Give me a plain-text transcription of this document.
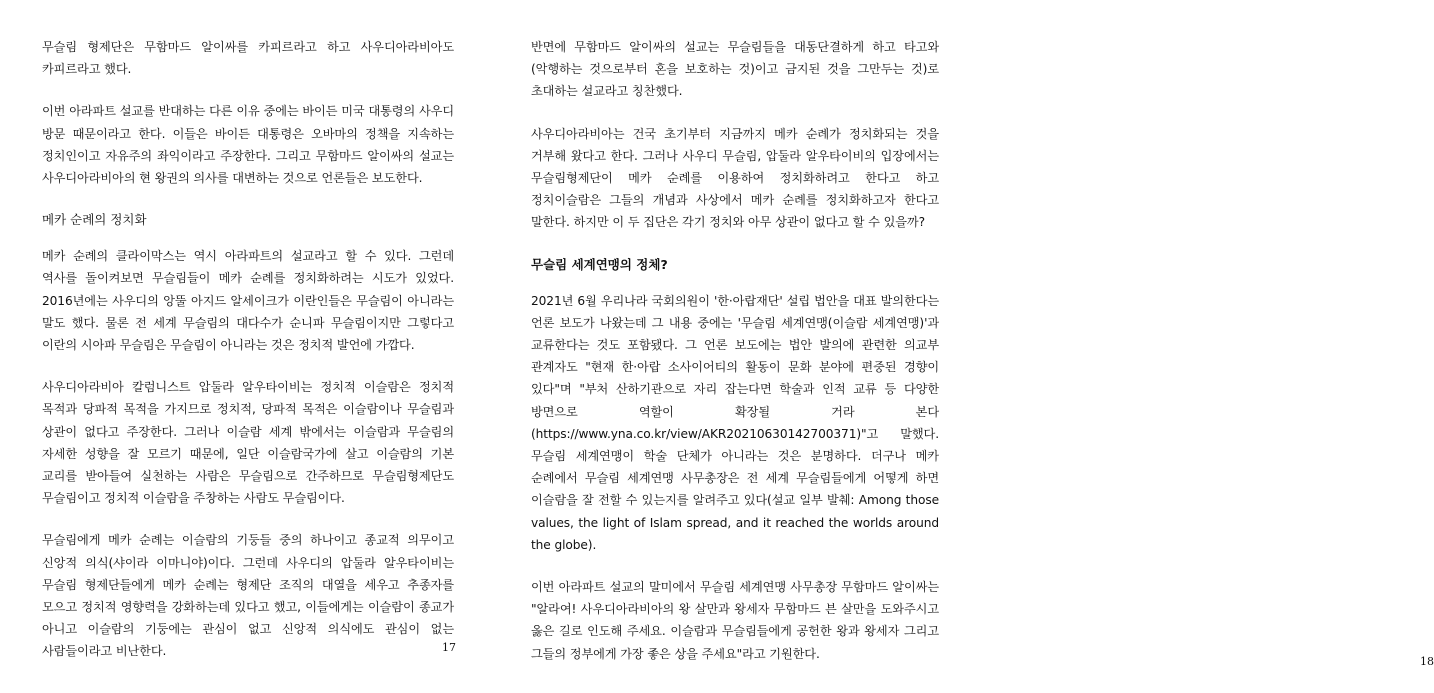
무슬림 형제단은 무함마드 알이싸를 카피르라고 하고 사우디아라비아도 카피르라고 했다.

이번 아라파트 설교를 반대하는 다른 이유 중에는 바이든 미국 대통령의 사우디 방문 때문이라고 한다. 이들은 바이든 대통령은 오바마의 정책을 지속하는 정치인이고 자유주의 좌익이라고 주장한다. 그리고 무함마드 알이싸의 설교는 사우디아라비아의 현 왕권의 의사를 대변하는 것으로 언론들은 보도한다.

메카 순례의 정치화

메카 순례의 클라이막스는 역시 아라파트의 설교라고 할 수 있다. 그런데 역사를 돌이켜보면 무슬림들이 메카 순례를 정치화하려는 시도가 있었다. 2016년에는 사우디의 앙뚤 아지드 알세이크가 이란인들은 무슬림이 아니라는 말도 했다. 물론 전 세계 무슬림의 대다수가 순니파 무슬림이지만 그렇다고 이란의 시아파 무슬림은 무슬림이 아니라는 것은 정치적 발언에 가깝다.

사우디아라비아 칼럼니스트 압둘라 알우타이비는 정치적 이슬람은 정치적 목적과 당파적 목적을 가지므로 정치적, 당파적 목적은 이슬람이나 무슬림과 상관이 없다고 주장한다. 그러나 이슬람 세계 밖에서는 이슬람과 무슬림의 자세한 성향을 잘 모르기 때문에, 일단 이슬람국가에 살고 이슬람의 기본 교리를 받아들여 실천하는 사람은 무슬림으로 간주하므로 무슬림형제단도 무슬림이고 정치적 이슬람을 주창하는 사람도 무슬림이다.

무슬림에게 메카 순례는 이슬람의 기둥들 중의 하나이고 종교적 의무이고 신앙적 의식(샤이라 이마니야)이다. 그런데 사우디의 압둘라 알우타이비는 무슬림 형제단들에게 메카 순례는 형제단 조직의 대열을 세우고 추종자를 모으고 정치적 영향력을 강화하는데 있다고 했고, 이들에게는 이슬람이 종교가 아니고 이슬람의 기둥에는 관심이 없고 신앙적 의식에도 관심이 없는 사람들이라고 비난한다.	17

반면에 무함마드 알이싸의 설교는 무슬림들을 대동단결하게 하고 타고와(악행하는 것으로부터 혼을 보호하는 것)이고 금지된 것을 그만두는 것)로 초대하는 설교라고 칭찬했다.

사우디아라비아는 건국 초기부터 지금까지 메카 순례가 정치화되는 것을 거부해 왔다고 한다. 그러나 사우디 무슬림, 압둘라 알우타이비의 입장에서는 무슬림형제단이 메카 순례를 이용하여 정치화하려고 한다고 하고 정치이슬람은 그들의 개념과 사상에서 메카 순례를 정치화하고자 한다고 말한다. 하지만 이 두 집단은 각기 정치와 아무 상관이 없다고 할 수 있을까?

무슬림 세계연맹의 정체?

2021년 6월 우리나라 국회의원이 '한·아랍재단' 설립 법안을 대표 발의한다는 언론 보도가 나왔는데 그 내용 중에는 '무슬림 세계연맹(이슬람 세계연맹)'과 교류한다는 것도 포함됐다. 그 언론 보도에는 법안 발의에 관련한 의교부 관계자도 "현재 한·아랍 소사이어티의 활동이 문화 분야에 편중된 경향이 있다"며 "부처 산하기관으로 자리 잡는다면 학술과 인적 교류 등 다양한 방면으로 역할이 확장될 거라 본다 (https://www.yna.co.kr/view/AKR20210630142700371)"고 말했다. 무슬림 세계연맹이 학술 단체가 아니라는 것은 분명하다. 더구나 메카 순례에서 무슬림 세계연맹 사무총장은 전 세계 무슬림들에게 어떻게 하면 이슬람을 잘 전할 수 있는지를 알려주고 있다(설교 일부 발췌: Among those values, the light of Islam spread, and it reached the worlds around the globe).

이번 아라파트 설교의 말미에서 무슬림 세계연맹 사무총장 무함마드 알이싸는 "알라여! 사우디아라비아의 왕 살만과 왕세자 무함마드 븐 살만을 도와주시고 옳은 길로 인도해 주세요. 이슬람과 무슬림들에게 공헌한 왕과 왕세자 그리고 그들의 정부에게 가장 좋은 상을 주세요"라고 기원한다.

18
